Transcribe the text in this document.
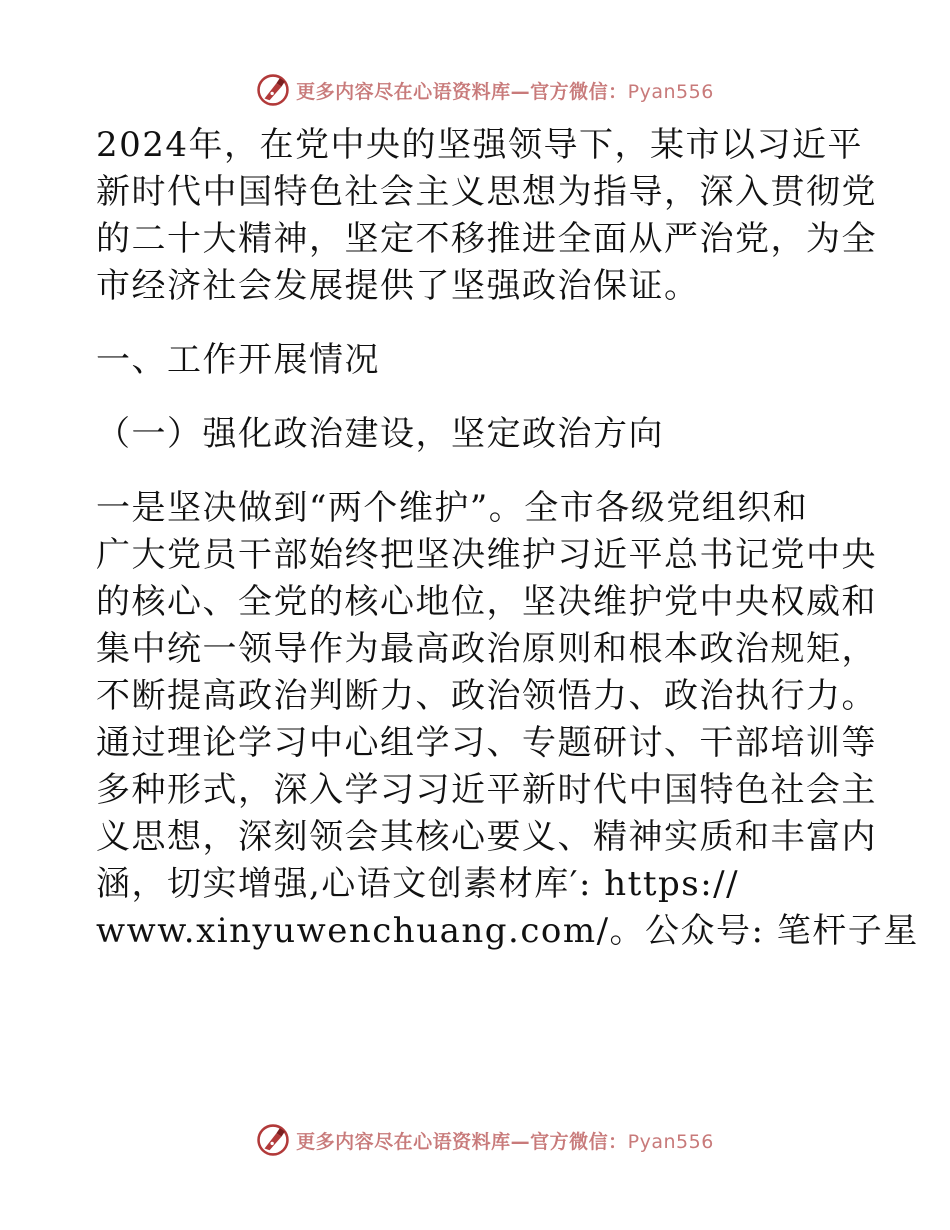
更多内容尽在心语资料库—官方微信：Pyan556
2024年，在党中央的坚强领导下，某市以习近平
新时代中国特色社会主义思想为指导，深入贯彻党
的二十大精神，坚定不移推进全面从严治党，为全
市经济社会发展提供了坚强政治保证。
一、工作开展情况
（一）强化政治建设，坚定政治方向
一是坚决做到“两个维护”。全市各级党组织和
广大党员干部始终把坚决维护习近平总书记党中央
的核心、全党的核心地位，坚决维护党中央权威和
集中统一领导作为最高政治原则和根本政治规矩，
不断提高政治判断力、政治领悟力、政治执行力。
通过理论学习中心组学习、专题研讨、干部培训等
多种形式，深入学习习近平新时代中国特色社会主
义思想，深刻领会其核心要义、精神实质和丰富内
涵，切实增强,心语文创素材库′: https://
www.xinyuwenchuang.com/。公众号: 笔杆子星
更多内容尽在心语资料库—官方微信：Pyan556
